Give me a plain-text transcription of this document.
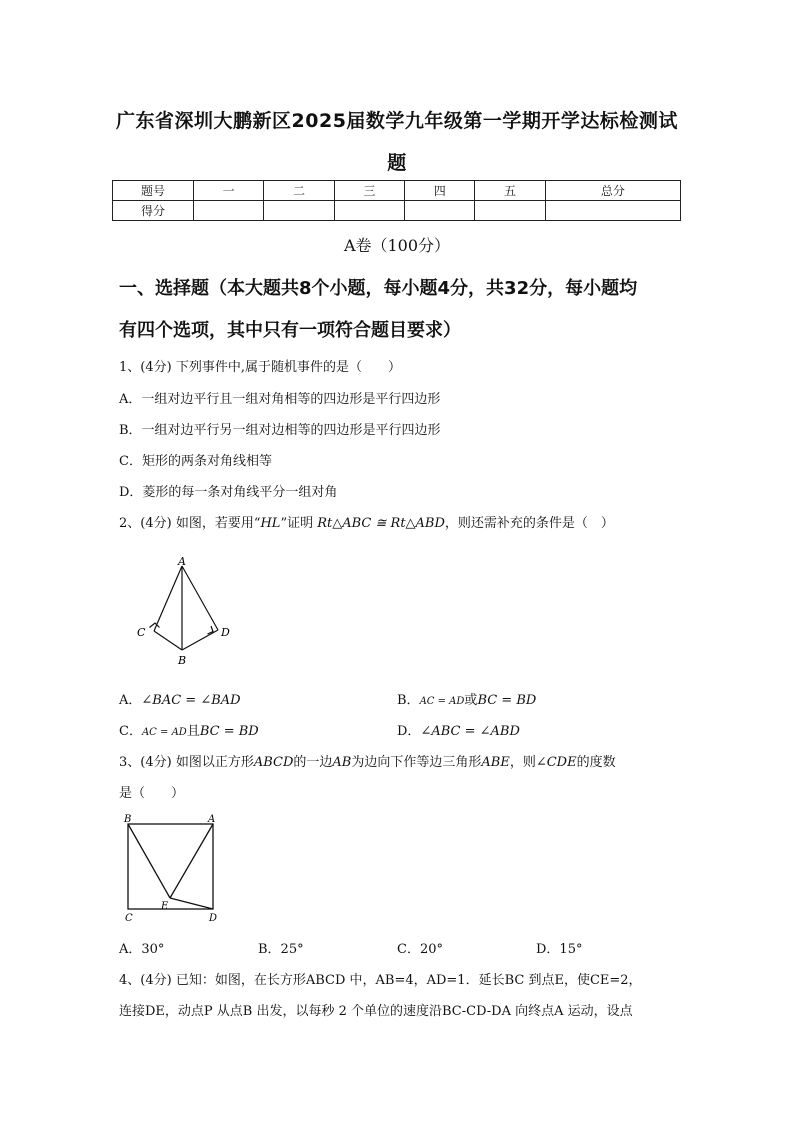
广东省深圳大鹏新区2025届数学九年级第一学期开学达标检测试
题
题号	一	二	三	四	五	总分
得分						
A卷（100分）
一、选择题（本大题共8个小题，每小题4分，共32分，每小题均
有四个选项，其中只有一项符合题目要求）
1、(4分) 下列事件中,属于随机事件的是（　　）
A．一组对边平行且一组对角相等的四边形是平行四边形
B．一组对边平行另一组对边相等的四边形是平行四边形
C．矩形的两条对角线相等
D．菱形的每一条对角线平分一组对角
2、(4分) 如图，若要用“HL”证明 Rt△ABC ≅ Rt△ABD，则还需补充的条件是（　）
A
B
C	D
A．∠BAC = ∠BAD	B．AC = AD或BC = BD
C．AC = AD且BC = BD	D．∠ABC = ∠ABD
3、(4分) 如图以正方形ABCD的一边AB为边向下作等边三角形ABE，则∠CDE的度数
是（　　）
B	A
C	D
E
A．30°	B．25°	C．20°	D．15°
4、(4分) 已知：如图，在长方形ABCD 中，AB=4，AD=1．延长BC 到点E，使CE=2，
连接DE，动点P 从点B 出发，以每秒 2 个单位的速度沿BC-CD-DA 向终点A 运动，设点
